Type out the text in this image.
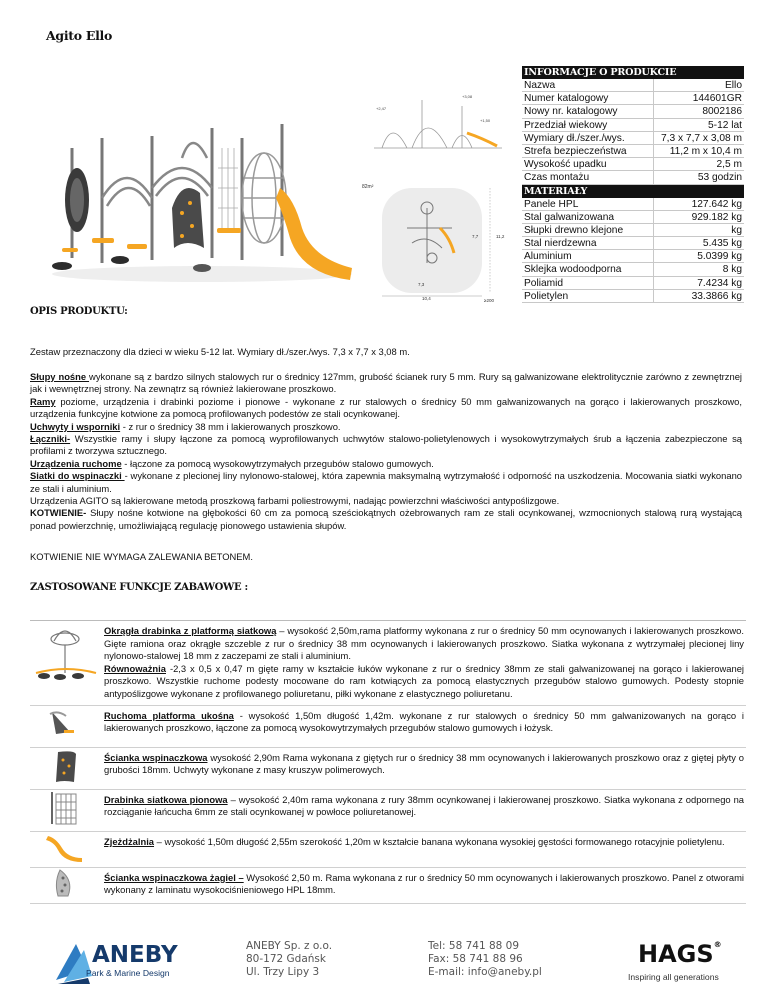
Agito Ello
+2,47
+3,08
+1,50
82m²
7,7	11,2
7,3
10,4	≥200
INFORMACJE O PRODUKCIE
Nazwa	Ello
Numer katalogowy	144601GR
Nowy nr. katalogowy	8002186
Przedział wiekowy	5-12 lat
Wymiary dł./szer./wys.	7,3 x 7,7 x 3,08 m
Strefa bezpieczeństwa	11,2 m x 10,4 m
Wysokość upadku	2,5 m
Czas montażu	53 godzin
MATERIAŁY
Panele HPL	127.642 kg
Stal galwanizowana	929.182 kg
Słupki drewno klejone	kg
Stal nierdzewna	5.435 kg
Aluminium	5.0399 kg
Sklejka wodoodporna	8 kg
Poliamid	7.4234 kg
Polietylen	33.3866 kg
OPIS PRODUKTU:

Zestaw przeznaczony dla dzieci w wieku 5-12 lat. Wymiary dł./szer./wys. 7,3 x 7,7 x 3,08 m.

Słupy nośne wykonane są z bardzo silnych stalowych rur o średnicy 127mm, grubość ścianek rury 5 mm. Rury są galwanizowane elektrolitycznie zarówno z zewnętrznej jak i wewnętrznej strony. Na zewnątrz są również lakierowane proszkowo.

Ramy poziome, urządzenia i drabinki poziome i pionowe - wykonane z rur stalowych o średnicy 50 mm galwanizowanych na gorąco i lakierowanych proszkowo, urządzenia funkcyjne kotwione za pomocą profilowanych podestów ze stali ocynkowanej.

Uchwyty i wsporniki - z rur o średnicy 38 mm i lakierowanych proszkowo.

Łączniki- Wszystkie ramy i słupy łączone za pomocą wyprofilowanych uchwytów stalowo-polietylenowych i wysokowytrzymałych śrub a łączenia zabezpieczone są profilami z tworzywa sztucznego.

Urządzenia ruchome - łączone za pomocą wysokowytrzymałych przegubów stalowo gumowych.

Siatki do wspinaczki - wykonane z plecionej liny nylonowo-stalowej, która zapewnia maksymalną wytrzymałość i odporność na uszkodzenia. Mocowania siatki wykonano ze stali i aluminium.

Urządzenia AGITO są lakierowane metodą proszkową farbami poliestrowymi, nadając powierzchni właściwości antypoślizgowe.

KOTWIENIE- Słupy nośne kotwione na głębokości 60 cm za pomocą sześciokątnych ożebrowanych ram ze stali ocynkowanej, wzmocnionych stalową rurą wystającą ponad powierzchnię, umożliwiającą regulację pionowego ustawienia słupów.

KOTWIENIE NIE WYMAGA ZALEWANIA BETONEM.

ZASTOSOWANE FUNKCJE ZABAWOWE :
Okrągła drabinka z platformą siatkową – wysokość 2,50m,rama platformy wykonana z rur o średnicy 50 mm ocynowanych i lakierowanych proszkowo. Gięte ramiona oraz okrągłe szczeble z rur o średnicy 38 mm ocynowanych i lakierowanych proszkowo. Siatka wykonana z wytrzymałej plecionej liny nylonowo-stalowej 18 mm z zaczepami ze stali i aluminium.
Równoważnia -2,3 x 0,5 x 0,47 m gięte ramy w kształcie łuków wykonane z rur o średnicy 38mm ze stali galwanizowanej na gorąco i lakierowanej proszkowo. Wszystkie ruchome podesty mocowane do ram kotwiących za pomocą elastycznych przegubów stalowo gumowych. Podesty stopnie antypoślizgowe wykonane z profilowanego poliuretanu, piłki wykonane z elastycznego poliuretanu.
Ruchoma platforma ukośna - wysokość 1,50m długość 1,42m. wykonane z rur stalowych o średnicy 50 mm galwanizowanych na gorąco i lakierowanych proszkowo, łączone za pomocą wysokowytrzymałych przegubów stalowo gumowych i łożysk.
Ścianka wspinaczkowa wysokość 2,90m Rama wykonana z giętych rur o średnicy 38 mm ocynowanych i lakierowanych proszkowo oraz z giętej płyty o grubości 18mm. Uchwyty wykonane z masy kruszyw polimerowych.
Drabinka siatkowa pionowa – wysokość 2,40m rama wykonana z rury 38mm ocynkowanej i lakierowanej proszkowo. Siatka wykonana z odpornego na rozciąganie łańcucha 6mm ze stali ocynkowanej w powłoce poliuretanowej.
Zjeżdżalnia – wysokość 1,50m długość 2,55m szerokość 1,20m w kształcie banana wykonana wysokiej gęstości formowanego rotacyjnie polietylenu.
Ścianka wspinaczkowa żagiel – Wysokość 2,50 m. Rama wykonana z rur o średnicy 50 mm ocynowanych i lakierowanych proszkowo. Panel z otworami wykonany z laminatu wysokociśnieniowego HPL 18mm.
ANEBY
Park & Marine Design
ANEBY Sp. z o.o.
80-172 Gdańsk
Ul. Trzy Lipy 3
Tel: 58 741 88 09
Fax: 58 741 88 96
E-mail: info@aneby.pl
HAGS®
Inspiring all generations
